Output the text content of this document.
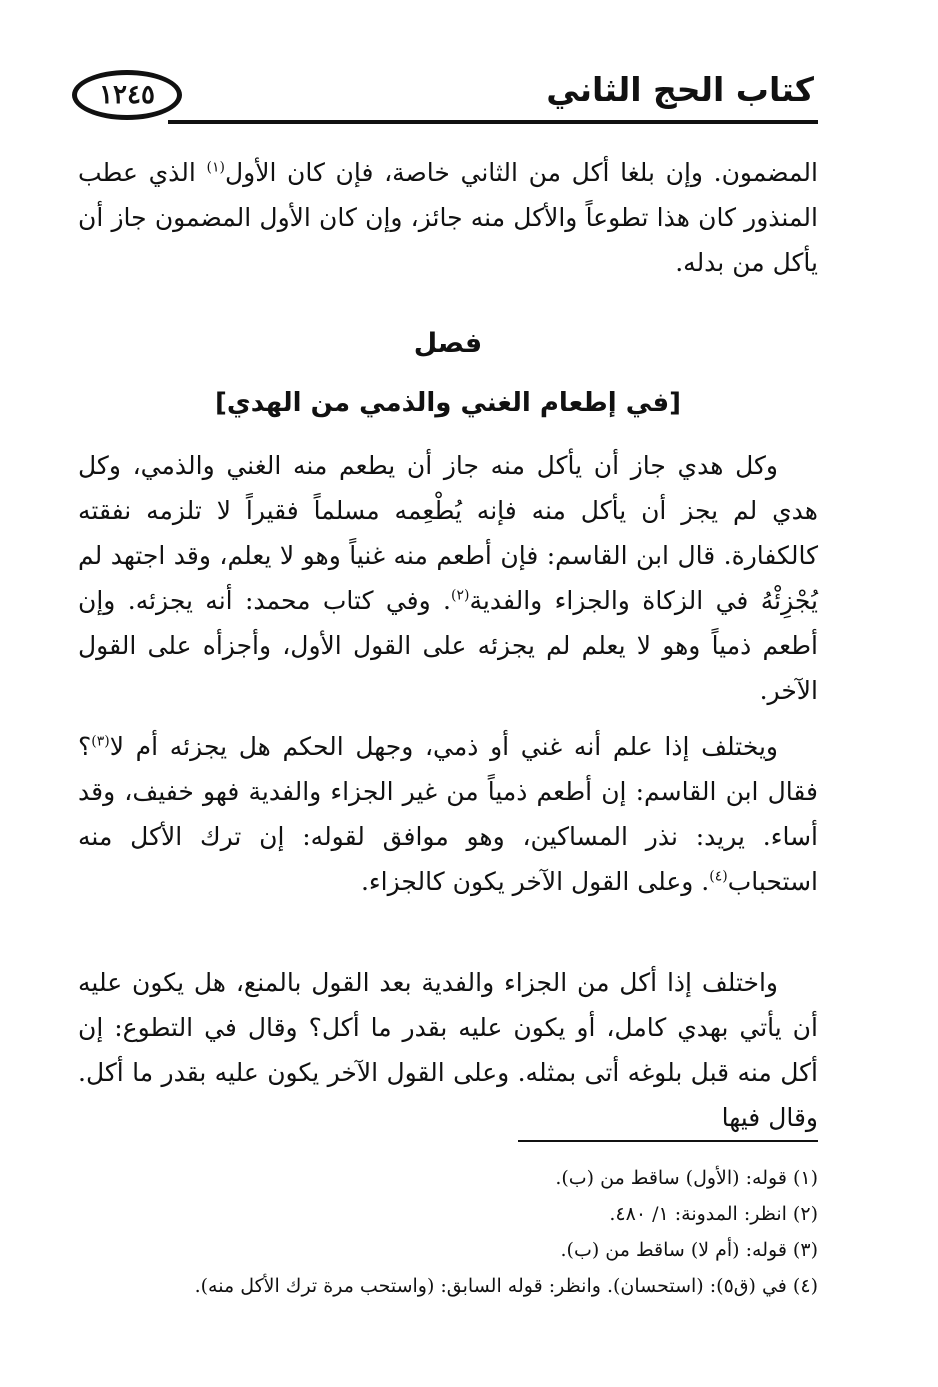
١٢٤٥	كتاب الحج الثاني

المضمون. وإن بلغا أكل من الثاني خاصة، فإن كان الأول$^{(١)}$ الذي عطب المنذور كان هذا تطوعاً والأكل منه جائز، وإن كان الأول المضمون جاز أن يأكل من بدله.

فصل
[في إطعام الغني والذمي من الهدي]

وكل هدي جاز أن يأكل منه جاز أن يطعم منه الغني والذمي، وكل هدي لم يجز أن يأكل منه فإنه يُطْعِمه مسلماً فقيراً لا تلزمه نفقته كالكفارة. قال ابن القاسم: فإن أطعم منه غنياً وهو لا يعلم، وقد اجتهد لم يُجْزِئْهُ في الزكاة والجزاء والفدية$^{(٢)}$. وفي كتاب محمد: أنه يجزئه. وإن أطعم ذمياً وهو لا يعلم لم يجزئه على القول الأول، وأجزأه على القول الآخر.

ويختلف إذا علم أنه غني أو ذمي، وجهل الحكم هل يجزئه أم لا$^{(٣)}$؟ فقال ابن القاسم: إن أطعم ذمياً من غير الجزاء والفدية فهو خفيف، وقد أساء. يريد: نذر المساكين، وهو موافق لقوله: إن ترك الأكل منه استحباب$^{(٤)}$. وعلى القول الآخر يكون كالجزاء.

واختلف إذا أكل من الجزاء والفدية بعد القول بالمنع، هل يكون عليه أن يأتي بهدي كامل، أو يكون عليه بقدر ما أكل؟ وقال في التطوع: إن أكل منه قبل بلوغه أتى بمثله. وعلى القول الآخر يكون عليه بقدر ما أكل. وقال فيها

(١) قوله: (الأول) ساقط من (ب).
(٢) انظر: المدونة: ١/ ٤٨٠.
(٣) قوله: (أم لا) ساقط من (ب).
(٤) في (ق٥): (استحسان). وانظر: قوله السابق: (واستحب مرة ترك الأكل منه).
